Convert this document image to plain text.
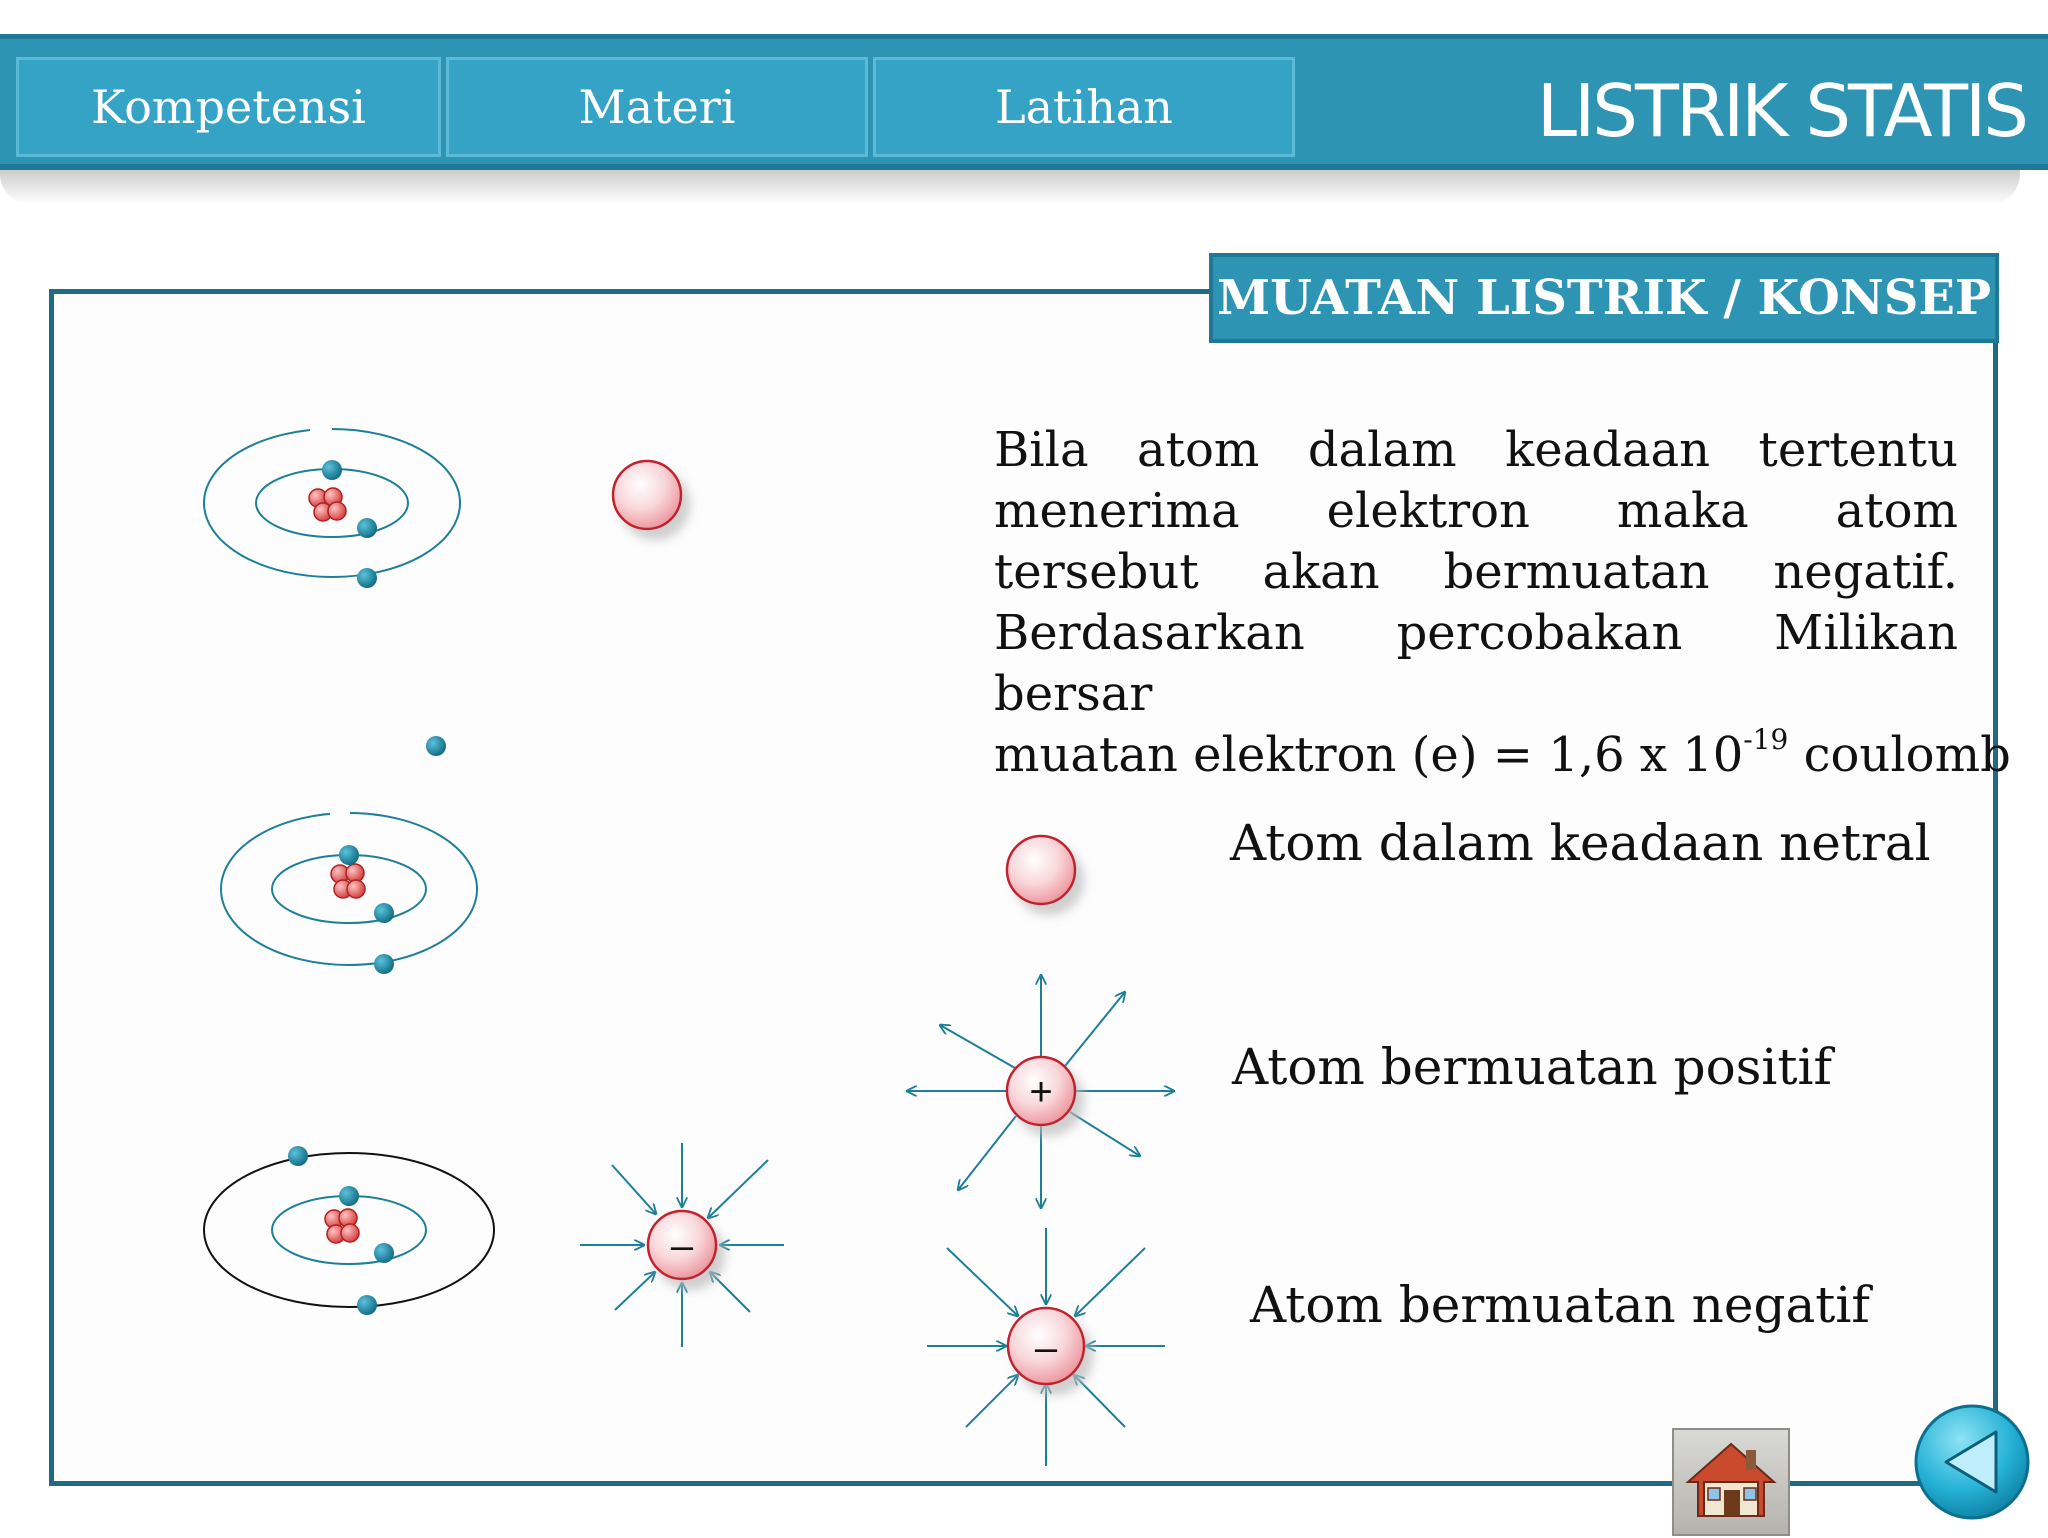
Kompetensi	Materi	Latihan	LISTRIK STATIS
MUATAN LISTRIK / KONSEP
–
+
–
Bila atom dalam keadaan tertentu menerima elektron maka atom tersebut akan bermuatan negatif.
Berdasarkan percobakan Milikan bersar
muatan elektron (e) = 1,6 x $10^{-19}$ coulomb
Atom dalam keadaan netral
Atom bermuatan positif
Atom bermuatan negatif
